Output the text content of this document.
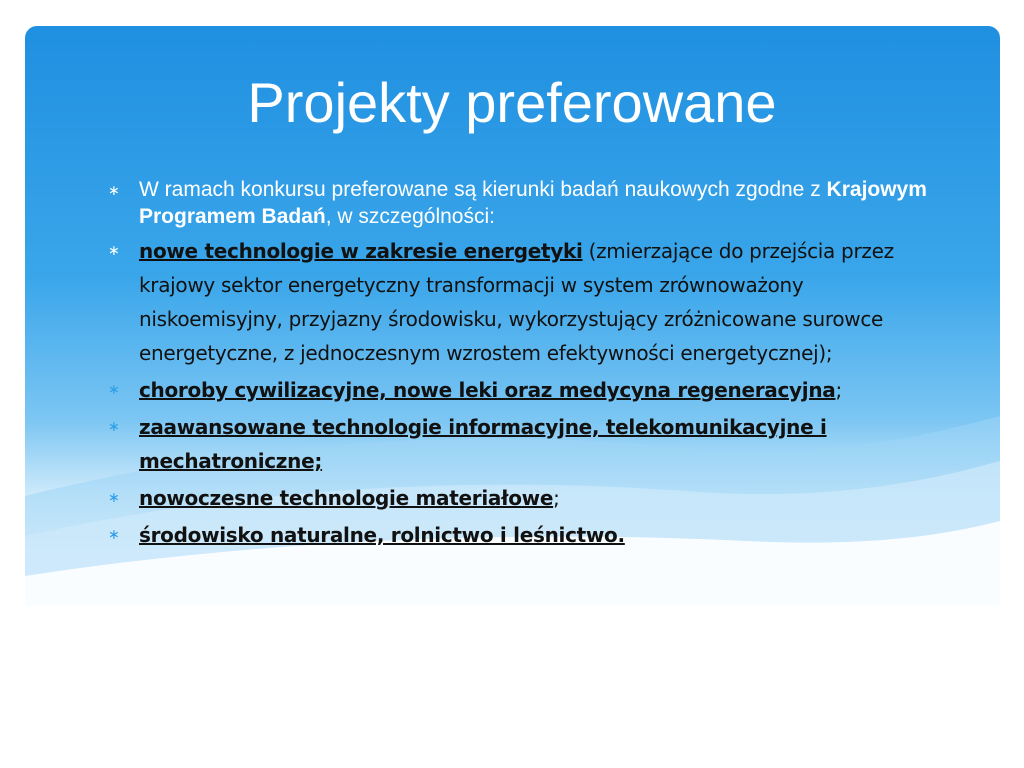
Projekty preferowane
∗ W ramach konkursu preferowane są kierunki badań naukowych zgodne z Krajowym Programem Badań, w szczególności:
∗ nowe technologie w zakresie energetyki (zmierzające do przejścia przez krajowy sektor energetyczny transformacji w system zrównoważony niskoemisyjny, przyjazny środowisku, wykorzystujący zróżnicowane surowce energetyczne, z jednoczesnym wzrostem efektywności energetycznej);
∗ choroby cywilizacyjne, nowe leki oraz medycyna regeneracyjna;
∗ zaawansowane technologie informacyjne, telekomunikacyjne i mechatroniczne;
∗ nowoczesne technologie materiałowe;
∗ środowisko naturalne, rolnictwo i leśnictwo.
